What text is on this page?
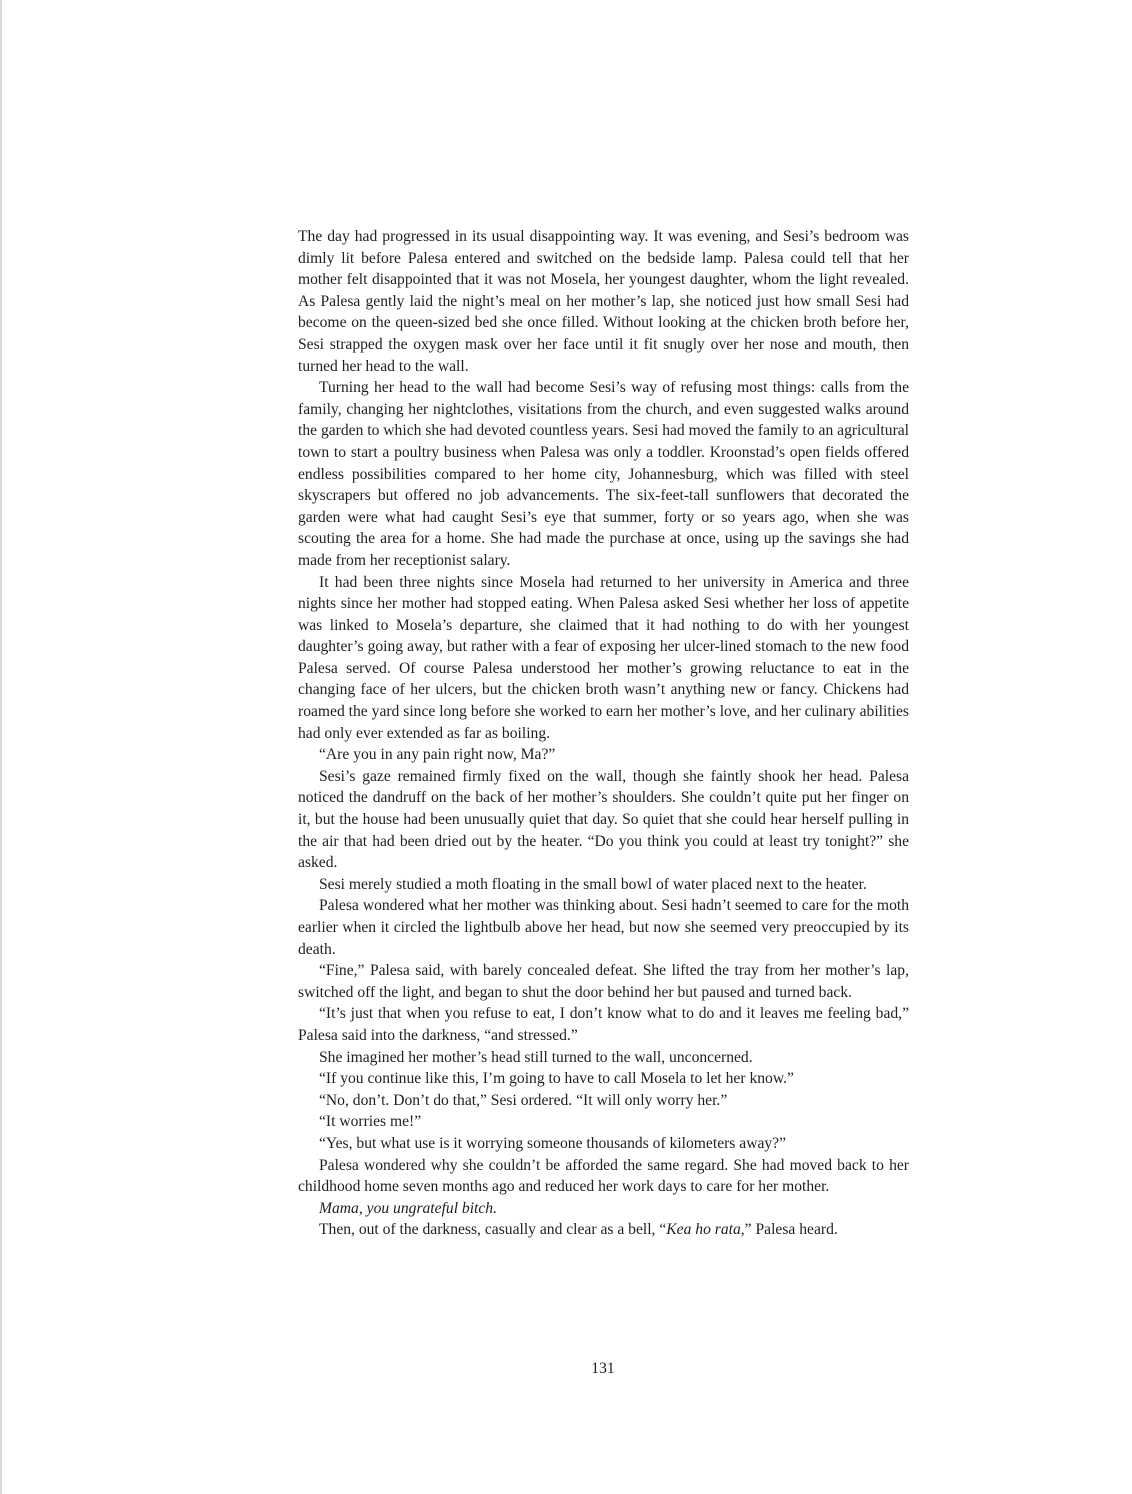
The day had progressed in its usual disappointing way. It was evening, and Sesi’s bedroom was dimly lit before Palesa entered and switched on the bedside lamp. Palesa could tell that her mother felt disappointed that it was not Mosela, her youngest daughter, whom the light revealed. As Palesa gently laid the night’s meal on her mother’s lap, she noticed just how small Sesi had become on the queen-sized bed she once filled. Without looking at the chicken broth before her, Sesi strapped the oxygen mask over her face until it fit snugly over her nose and mouth, then turned her head to the wall.

Turning her head to the wall had become Sesi’s way of refusing most things: calls from the family, changing her nightclothes, visitations from the church, and even suggested walks around the garden to which she had devoted countless years. Sesi had moved the family to an agricultural town to start a poultry business when Palesa was only a toddler. Kroonstad’s open fields offered endless possibilities compared to her home city, Johannesburg, which was filled with steel skyscrapers but offered no job advancements. The six-feet-tall sunflowers that decorated the garden were what had caught Sesi’s eye that summer, forty or so years ago, when she was scouting the area for a home. She had made the purchase at once, using up the savings she had made from her receptionist salary.

It had been three nights since Mosela had returned to her university in America and three nights since her mother had stopped eating. When Palesa asked Sesi whether her loss of appetite was linked to Mosela’s departure, she claimed that it had nothing to do with her youngest daughter’s going away, but rather with a fear of exposing her ulcer-lined stomach to the new food Palesa served. Of course Palesa understood her mother’s growing reluctance to eat in the changing face of her ulcers, but the chicken broth wasn’t anything new or fancy. Chickens had roamed the yard since long before she worked to earn her mother’s love, and her culinary abilities had only ever extended as far as boiling.

“Are you in any pain right now, Ma?”

Sesi’s gaze remained firmly fixed on the wall, though she faintly shook her head. Palesa noticed the dandruff on the back of her mother’s shoulders. She couldn’t quite put her finger on it, but the house had been unusually quiet that day. So quiet that she could hear herself pulling in the air that had been dried out by the heater. “Do you think you could at least try tonight?” she asked.

Sesi merely studied a moth floating in the small bowl of water placed next to the heater.

Palesa wondered what her mother was thinking about. Sesi hadn’t seemed to care for the moth earlier when it circled the lightbulb above her head, but now she seemed very preoccupied by its death.

“Fine,” Palesa said, with barely concealed defeat. She lifted the tray from her mother’s lap, switched off the light, and began to shut the door behind her but paused and turned back.

“It’s just that when you refuse to eat, I don’t know what to do and it leaves me feeling bad,” Palesa said into the darkness, “and stressed.”

She imagined her mother’s head still turned to the wall, unconcerned.

“If you continue like this, I’m going to have to call Mosela to let her know.”

“No, don’t. Don’t do that,” Sesi ordered. “It will only worry her.”

“It worries me!”

“Yes, but what use is it worrying someone thousands of kilometers away?”

Palesa wondered why she couldn’t be afforded the same regard. She had moved back to her childhood home seven months ago and reduced her work days to care for her mother.

Mama, you ungrateful bitch.

Then, out of the darkness, casually and clear as a bell, “Kea ho rata,” Palesa heard.

131
